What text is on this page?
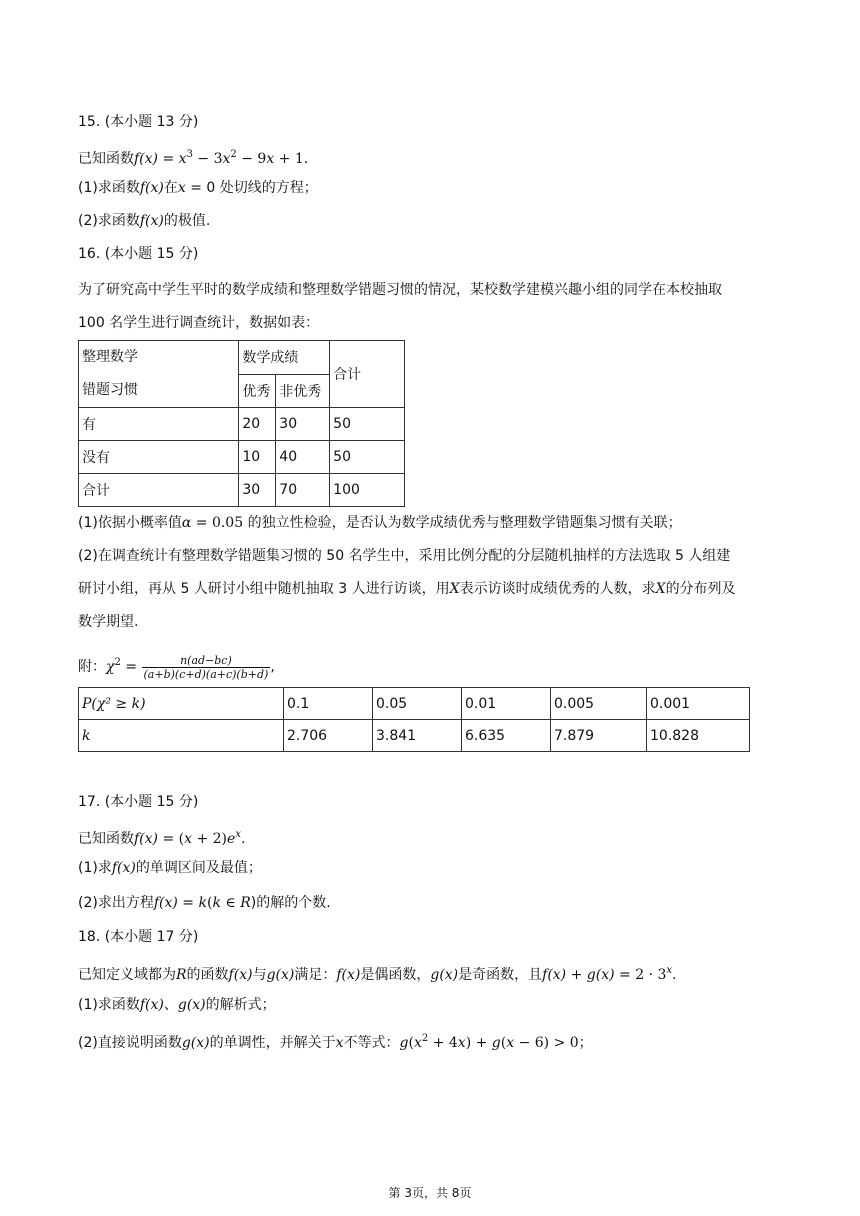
15. (本小题 13 分)
已知函数$f(x) = x^3 - 3x^2 - 9x + 1$.
(1)求函数f(x)在x = 0 处切线的方程；
(2)求函数f(x)的极值.
16. (本小题 15 分)
为了研究高中学生平时的数学成绩和整理数学错题习惯的情况，某校数学建模兴趣小组的同学在本校抽取
100 名学生进行调查统计，数据如表：
整理数学
错题习惯	数学成绩		合计
	优秀	非优秀	
有	20	30	50
没有	10	40	50
合计	30	70	100
(1)依据小概率值α = 0.05 的独立性检验，是否认为数学成绩优秀与整理数学错题集习惯有关联；
(2)在调查统计有整理数学错题集习惯的 50 名学生中，采用比例分配的分层随机抽样的方法选取 5 人组建
研讨小组，再从 5 人研讨小组中随机抽取 3 人进行访谈，用X表示访谈时成绩优秀的人数，求X的分布列及
数学期望.
附：$\chi^2 = \frac{n(ad-bc)}{(a+b)(c+d)(a+c)(b+d)}$ ,
P(χ² ≥ k)	0.1	0.05	0.01	0.005	0.001
k	2.706	3.841	6.635	7.879	10.828
17. (本小题 15 分)
已知函数$f(x) = (x + 2)e^x$.
(1)求f(x)的单调区间及最值；
(2)求出方程f(x) = k(k ∈ R)的解的个数.
18. (本小题 17 分)
已知定义域都为R的函数f(x)与g(x)满足：f(x)是偶函数，g(x)是奇函数，且$f(x) + g(x) = 2 \cdot 3^x$.
(1)求函数f(x)、g(x)的解析式；
(2)直接说明函数g(x)的单调性，并解关于x不等式：$g(x^2 + 4x) + g(x - 6) > 0$；
第 3页，共 8页
